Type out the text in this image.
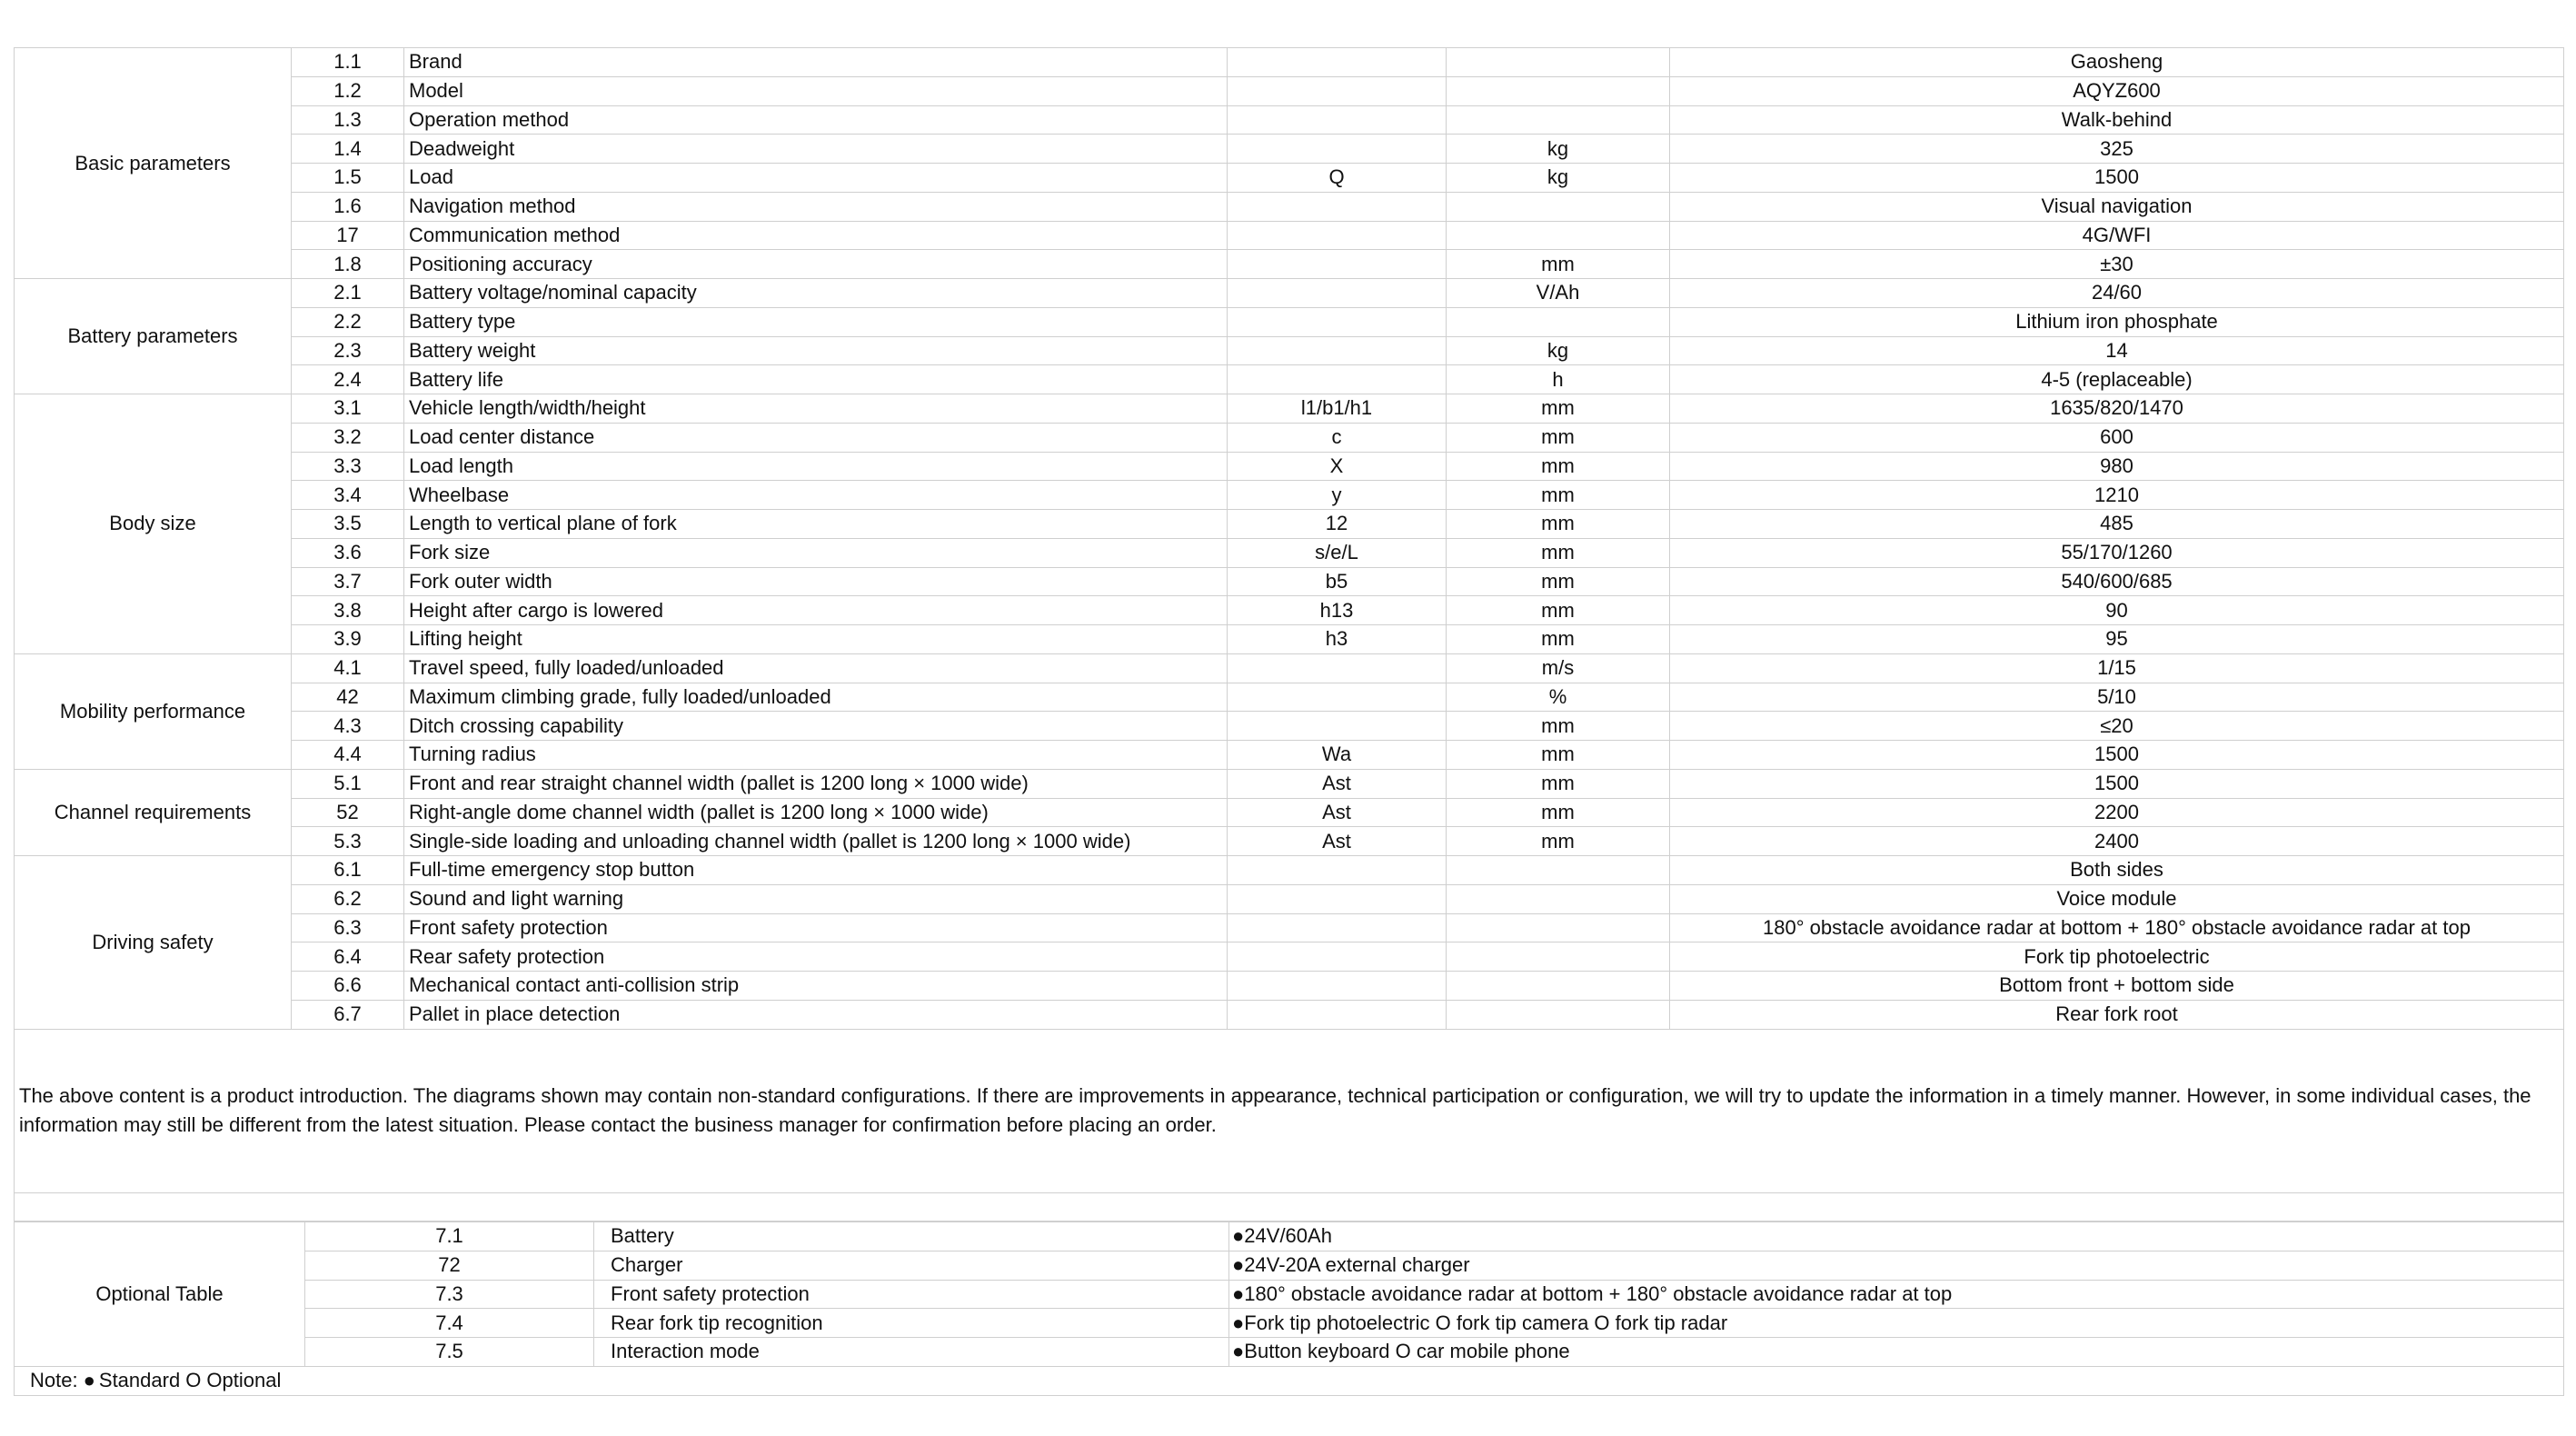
Basic parameters	1.1	Brand			Gaosheng
	1.2	Model			AQYZ600
	1.3	Operation method			Walk-behind
	1.4	Deadweight		kg	325
	1.5	Load	Q	kg	1500
	1.6	Navigation method			Visual navigation
	17	Communication method			4G/WFI
	1.8	Positioning accuracy		mm	±30
Battery parameters	2.1	Battery voltage/nominal capacity		V/Ah	24/60
	2.2	Battery type			Lithium iron phosphate
	2.3	Battery weight		kg	14
	2.4	Battery life		h	4-5 (replaceable)
Body size	3.1	Vehicle length/width/height	l1/b1/h1	mm	1635/820/1470
	3.2	Load center distance	c	mm	600
	3.3	Load length	X	mm	980
	3.4	Wheelbase	y	mm	1210
	3.5	Length to vertical plane of fork	12	mm	485
	3.6	Fork size	s/e/L	mm	55/170/1260
	3.7	Fork outer width	b5	mm	540/600/685
	3.8	Height after cargo is lowered	h13	mm	90
	3.9	Lifting height	h3	mm	95
Mobility performance	4.1	Travel speed, fully loaded/unloaded		m/s	1/15
	42	Maximum climbing grade, fully loaded/unloaded		%	5/10
	4.3	Ditch crossing capability		mm	≤20
	4.4	Turning radius	Wa	mm	1500
Channel requirements	5.1	Front and rear straight channel width (pallet is 1200 long × 1000 wide)	Ast	mm	1500
	52	Right-angle dome channel width (pallet is 1200 long × 1000 wide)	Ast	mm	2200
	5.3	Single-side loading and unloading channel width (pallet is 1200 long × 1000 wide)	Ast	mm	2400
Driving safety	6.1	Full-time emergency stop button			Both sides
	6.2	Sound and light warning			Voice module
	6.3	Front safety protection			180° obstacle avoidance radar at bottom + 180° obstacle avoidance radar at top
	6.4	Rear safety protection			Fork tip photoelectric
	6.6	Mechanical contact anti-collision strip			Bottom front + bottom side
	6.7	Pallet in place detection			Rear fork root
The above content is a product introduction. The diagrams shown may contain non-standard configurations. If there are improvements in appearance, technical participation or configuration, we will try to update the information in a timely manner. However, in some individual cases, the information may still be different from the latest situation. Please contact the business manager for confirmation before placing an order.					

Optional Table	7.1	Battery	●24V/60Ah
	72	Charger	●24V-20A external charger
	7.3	Front safety protection	●180° obstacle avoidance radar at bottom + 180° obstacle avoidance radar at top
	7.4	Rear fork tip recognition	●Fork tip photoelectric O fork tip camera O fork tip radar
	7.5	Interaction mode	●Button keyboard O car mobile phone
Note: ● Standard O Optional
